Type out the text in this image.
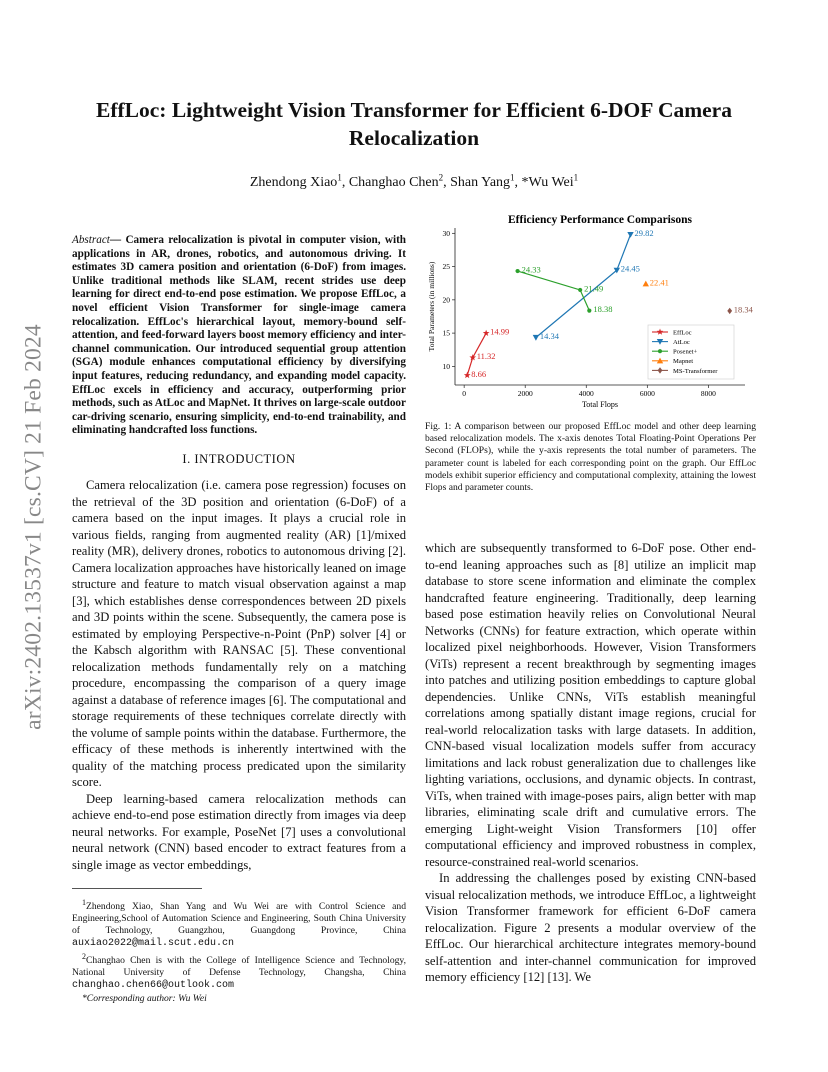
EffLoc: Lightweight Vision Transformer for Efficient 6-DOF Camera Relocalization
Zhendong Xiao$^1$, Changhao Chen$^2$, Shan Yang$^1$, *Wu Wei$^1$
arXiv:2402.13537v1 [cs.CV] 21 Feb 2024
Abstract— Camera relocalization is pivotal in computer vision, with applications in AR, drones, robotics, and autonomous driving. It estimates 3D camera position and orientation (6-DoF) from images. Unlike traditional methods like SLAM, recent strides use deep learning for direct end-to-end pose estimation. We propose EffLoc, a novel efficient Vision Transformer for single-image camera relocalization. EffLoc's hierarchical layout, memory-bound self-attention, and feed-forward layers boost memory efficiency and inter-channel communication. Our introduced sequential group attention (SGA) module enhances computational efficiency by diversifying input features, reducing redundancy, and expanding model capacity. EffLoc excels in efficiency and accuracy, outperforming prior methods, such as AtLoc and MapNet. It thrives on large-scale outdoor car-driving scenario, ensuring simplicity, end-to-end trainability, and eliminating handcrafted loss functions.
I. INTRODUCTION

Camera relocalization (i.e. camera pose regression) focuses on the retrieval of the 3D position and orientation (6-DoF) of a camera based on the input images. It plays a crucial role in various fields, ranging from augmented reality (AR) [1]/mixed reality (MR), delivery drones, robotics to autonomous driving [2]. Camera localization approaches have historically leaned on image structure and feature to match visual observation against a map [3], which establishes dense correspondences between 2D pixels and 3D points within the scene. Subsequently, the camera pose is estimated by employing Perspective-n-Point (PnP) solver [4] or the Kabsch algorithm with RANSAC [5]. These conventional relocalization methods fundamentally rely on a matching procedure, encompassing the comparison of a query image against a database of reference images [6]. The computational and storage requirements of these techniques correlate directly with the volume of sample points within the database. Furthermore, the efficacy of these methods is inherently intertwined with the quality of the matching process predicated upon the similarity score.

Deep learning-based camera relocalization methods can achieve end-to-end pose estimation directly from images via deep neural networks. For example, PoseNet [7] uses a convolutional neural network (CNN) based encoder to extract features from a single image as vector embeddings,

$^1$Zhendong Xiao, Shan Yang and Wu Wei are with Control Science and Engineering,School of Automation Science and Engineering, South China University of Technology, Guangzhou, Guangdong Province, China auxiao2022@mail.scut.edu.cn

$^2$Changhao Chen is with the College of Intelligence Science and Technology, National University of Defense Technology, Changsha, China changhao.chen66@outlook.com

*Corresponding author: Wu Wei

Efficiency Performance Comparisons
0	2000	4000	6000	8000
10
15
20
25
30
Total Flops
Total Parameters (in millions)
8.66
11.32
14.99	14.34
24.45
29.82
24.33
21.49
18.38
22.41
18.34
EffLoc
AtLoc
Posenet+
Mapnet
MS-Transformer
Fig. 1: A comparison between our proposed EffLoc model and other deep learning based relocalization models. The x-axis denotes Total Floating-Point Operations Per Second (FLOPs), while the y-axis represents the total number of parameters. The parameter count is labeled for each corresponding point on the graph. Our EffLoc models exhibit superior efficiency and computational complexity, attaining the lowest Flops and parameter counts.

which are subsequently transformed to 6-DoF pose. Other end-to-end leaning approaches such as [8] utilize an implicit map database to store scene information and eliminate the complex handcrafted feature engineering. Traditionally, deep learning based pose estimation heavily relies on Convolutional Neural Networks (CNNs) for feature extraction, which operate within localized pixel neighborhoods. However, Vision Transformers (ViTs) represent a recent breakthrough by segmenting images into patches and utilizing position embeddings to capture global dependencies. Unlike CNNs, ViTs establish meaningful correlations among spatially distant image regions, crucial for real-world relocalization tasks with large datasets. In addition, CNN-based visual localization models suffer from accuracy limitations and lack robust generalization due to challenges like lighting variations, occlusions, and dynamic objects. In contrast, ViTs, when trained with image-poses pairs, align better with map libraries, eliminating scale drift and cumulative errors. The emerging Light-weight Vision Transformers [10] offer computational efficiency and improved robustness in complex, resource-constrained real-world scenarios.

In addressing the challenges posed by existing CNN-based visual relocalization methods, we introduce EffLoc, a lightweight Vision Transformer framework for efficient 6-DoF camera relocalization. Figure 2 presents a modular overview of the EffLoc. Our hierarchical architecture integrates memory-bound self-attention and inter-channel communication for improved memory efficiency [12] [13]. We
